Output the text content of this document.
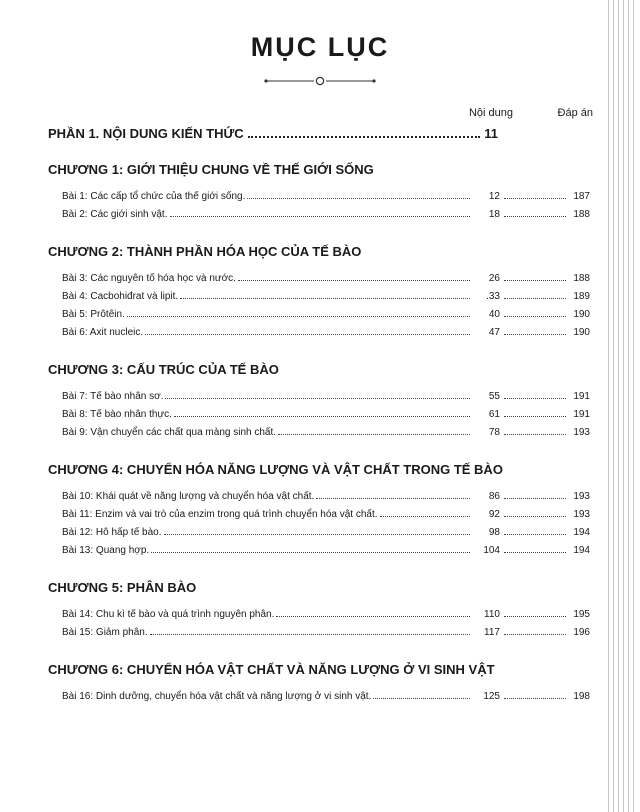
MỤC LỤC
Nội dung	Đáp án
PHẦN 1. NỘI DUNG KIẾN THỨC	11
CHƯƠNG 1: GIỚI THIỆU CHUNG VỀ THẾ GIỚI SỐNG
Bài 1: Các cấp tổ chức của thế giới sống.	12	187
Bài 2: Các giới sinh vật.	18	188
CHƯƠNG 2: THÀNH PHẦN HÓA HỌC CỦA TẾ BÀO
Bài 3: Các nguyên tố hóa học và nước.	26	188
Bài 4: Cacbohiđrat và lipit.	.33	189
Bài 5: Prôtêin.	40	190
Bài 6: Axit nucleic.	47	190
CHƯƠNG 3: CẤU TRÚC CỦA TẾ BÀO
Bài 7: Tế bào nhân sơ.	55	191
Bài 8: Tế bào nhân thực.	61	191
Bài 9: Vận chuyển các chất qua màng sinh chất.	78	193
CHƯƠNG 4: CHUYỂN HÓA NĂNG LƯỢNG VÀ VẬT CHẤT TRONG TẾ BÀO
Bài 10: Khái quát về năng lượng và chuyển hóa vật chất.	86	193
Bài 11: Enzim và vai trò của enzim trong quá trình chuyển hóa vật chất.	92	193
Bài 12: Hô hấp tế bào.	98	194
Bài 13: Quang hợp.	104	194
CHƯƠNG 5: PHÂN BÀO
Bài 14: Chu kì tế bào và quá trình nguyên phân.	110	195
Bài 15: Giảm phân.	117	196
CHƯƠNG 6: CHUYỂN HÓA VẬT CHẤT VÀ NĂNG LƯỢNG Ở VI SINH VẬT
Bài 16: Dinh dưỡng, chuyển hóa vật chất và năng lượng ở vi sinh vật.	125	198
